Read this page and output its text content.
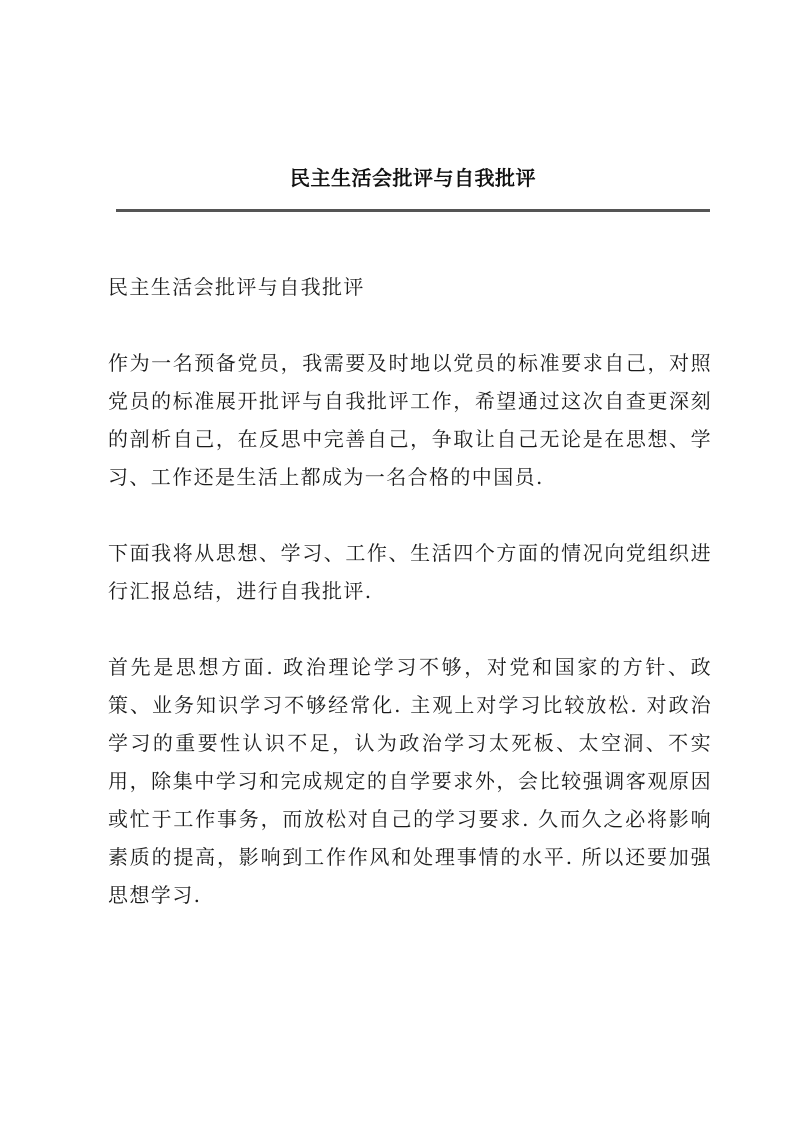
民主生活会批评与自我批评

民主生活会批评与自我批评

作为一名预备党员，我需要及时地以党员的标准要求自己，对照党员的标准展开批评与自我批评工作，希望通过这次自查更深刻的剖析自己，在反思中完善自己，争取让自己无论是在思想、学习、工作还是生活上都成为一名合格的中国员.

下面我将从思想、学习、工作、生活四个方面的情况向党组织进行汇报总结，进行自我批评.

首先是思想方面. 政治理论学习不够，对党和国家的方针、政策、业务知识学习不够经常化. 主观上对学习比较放松. 对政治学习的重要性认识不足，认为政治学习太死板、太空洞、不实用，除集中学习和完成规定的自学要求外，会比较强调客观原因或忙于工作事务，而放松对自己的学习要求. 久而久之必将影响素质的提高，影响到工作作风和处理事情的水平. 所以还要加强思想学习.
